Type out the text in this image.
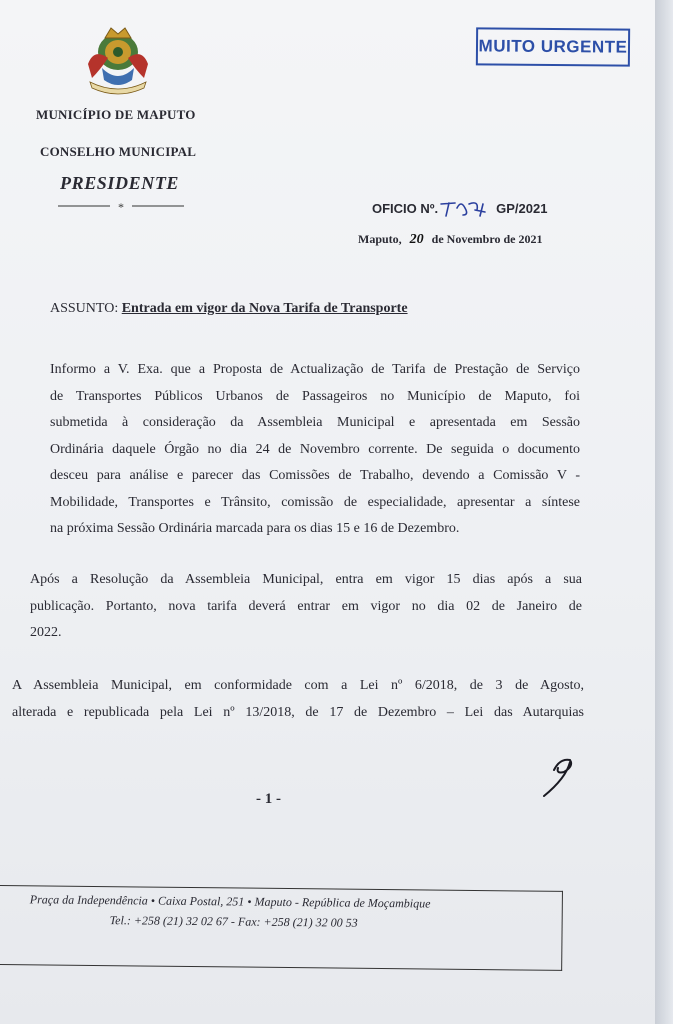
MUNICÍPIO DE MAPUTO
CONSELHO MUNICIPAL
PRESIDENTE
*
MUITO URGENTE
OFICIO Nº.	GP/2021
Maputo, 20 de Novembro de 2021
ASSUNTO: Entrada em vigor da Nova Tarifa de Transporte
Informo a V. Exa. que a Proposta de Actualização de Tarifa de Prestação de Serviço
de Transportes Públicos Urbanos de Passageiros no Município de Maputo, foi
submetida à consideração da Assembleia Municipal e apresentada em Sessão
Ordinária daquele Órgão no dia 24 de Novembro corrente. De seguida o documento
desceu para análise e parecer das Comissões de Trabalho, devendo a Comissão V -
Mobilidade, Transportes e Trânsito, comissão de especialidade, apresentar a síntese
na próxima Sessão Ordinária marcada para os dias 15 e 16 de Dezembro.
Após a Resolução da Assembleia Municipal, entra em vigor 15 dias após a sua
publicação. Portanto, nova tarifa deverá entrar em vigor no dia 02 de Janeiro de
2022.
A Assembleia Municipal, em conformidade com a Lei nº 6/2018, de 3 de Agosto,
alterada e republicada pela Lei nº 13/2018, de 17 de Dezembro – Lei das Autarquias
- 1 -
Praça da Independência • Caixa Postal, 251 • Maputo - República de Moçambique
Tel.: +258 (21) 32 02 67 - Fax: +258 (21) 32 00 53
